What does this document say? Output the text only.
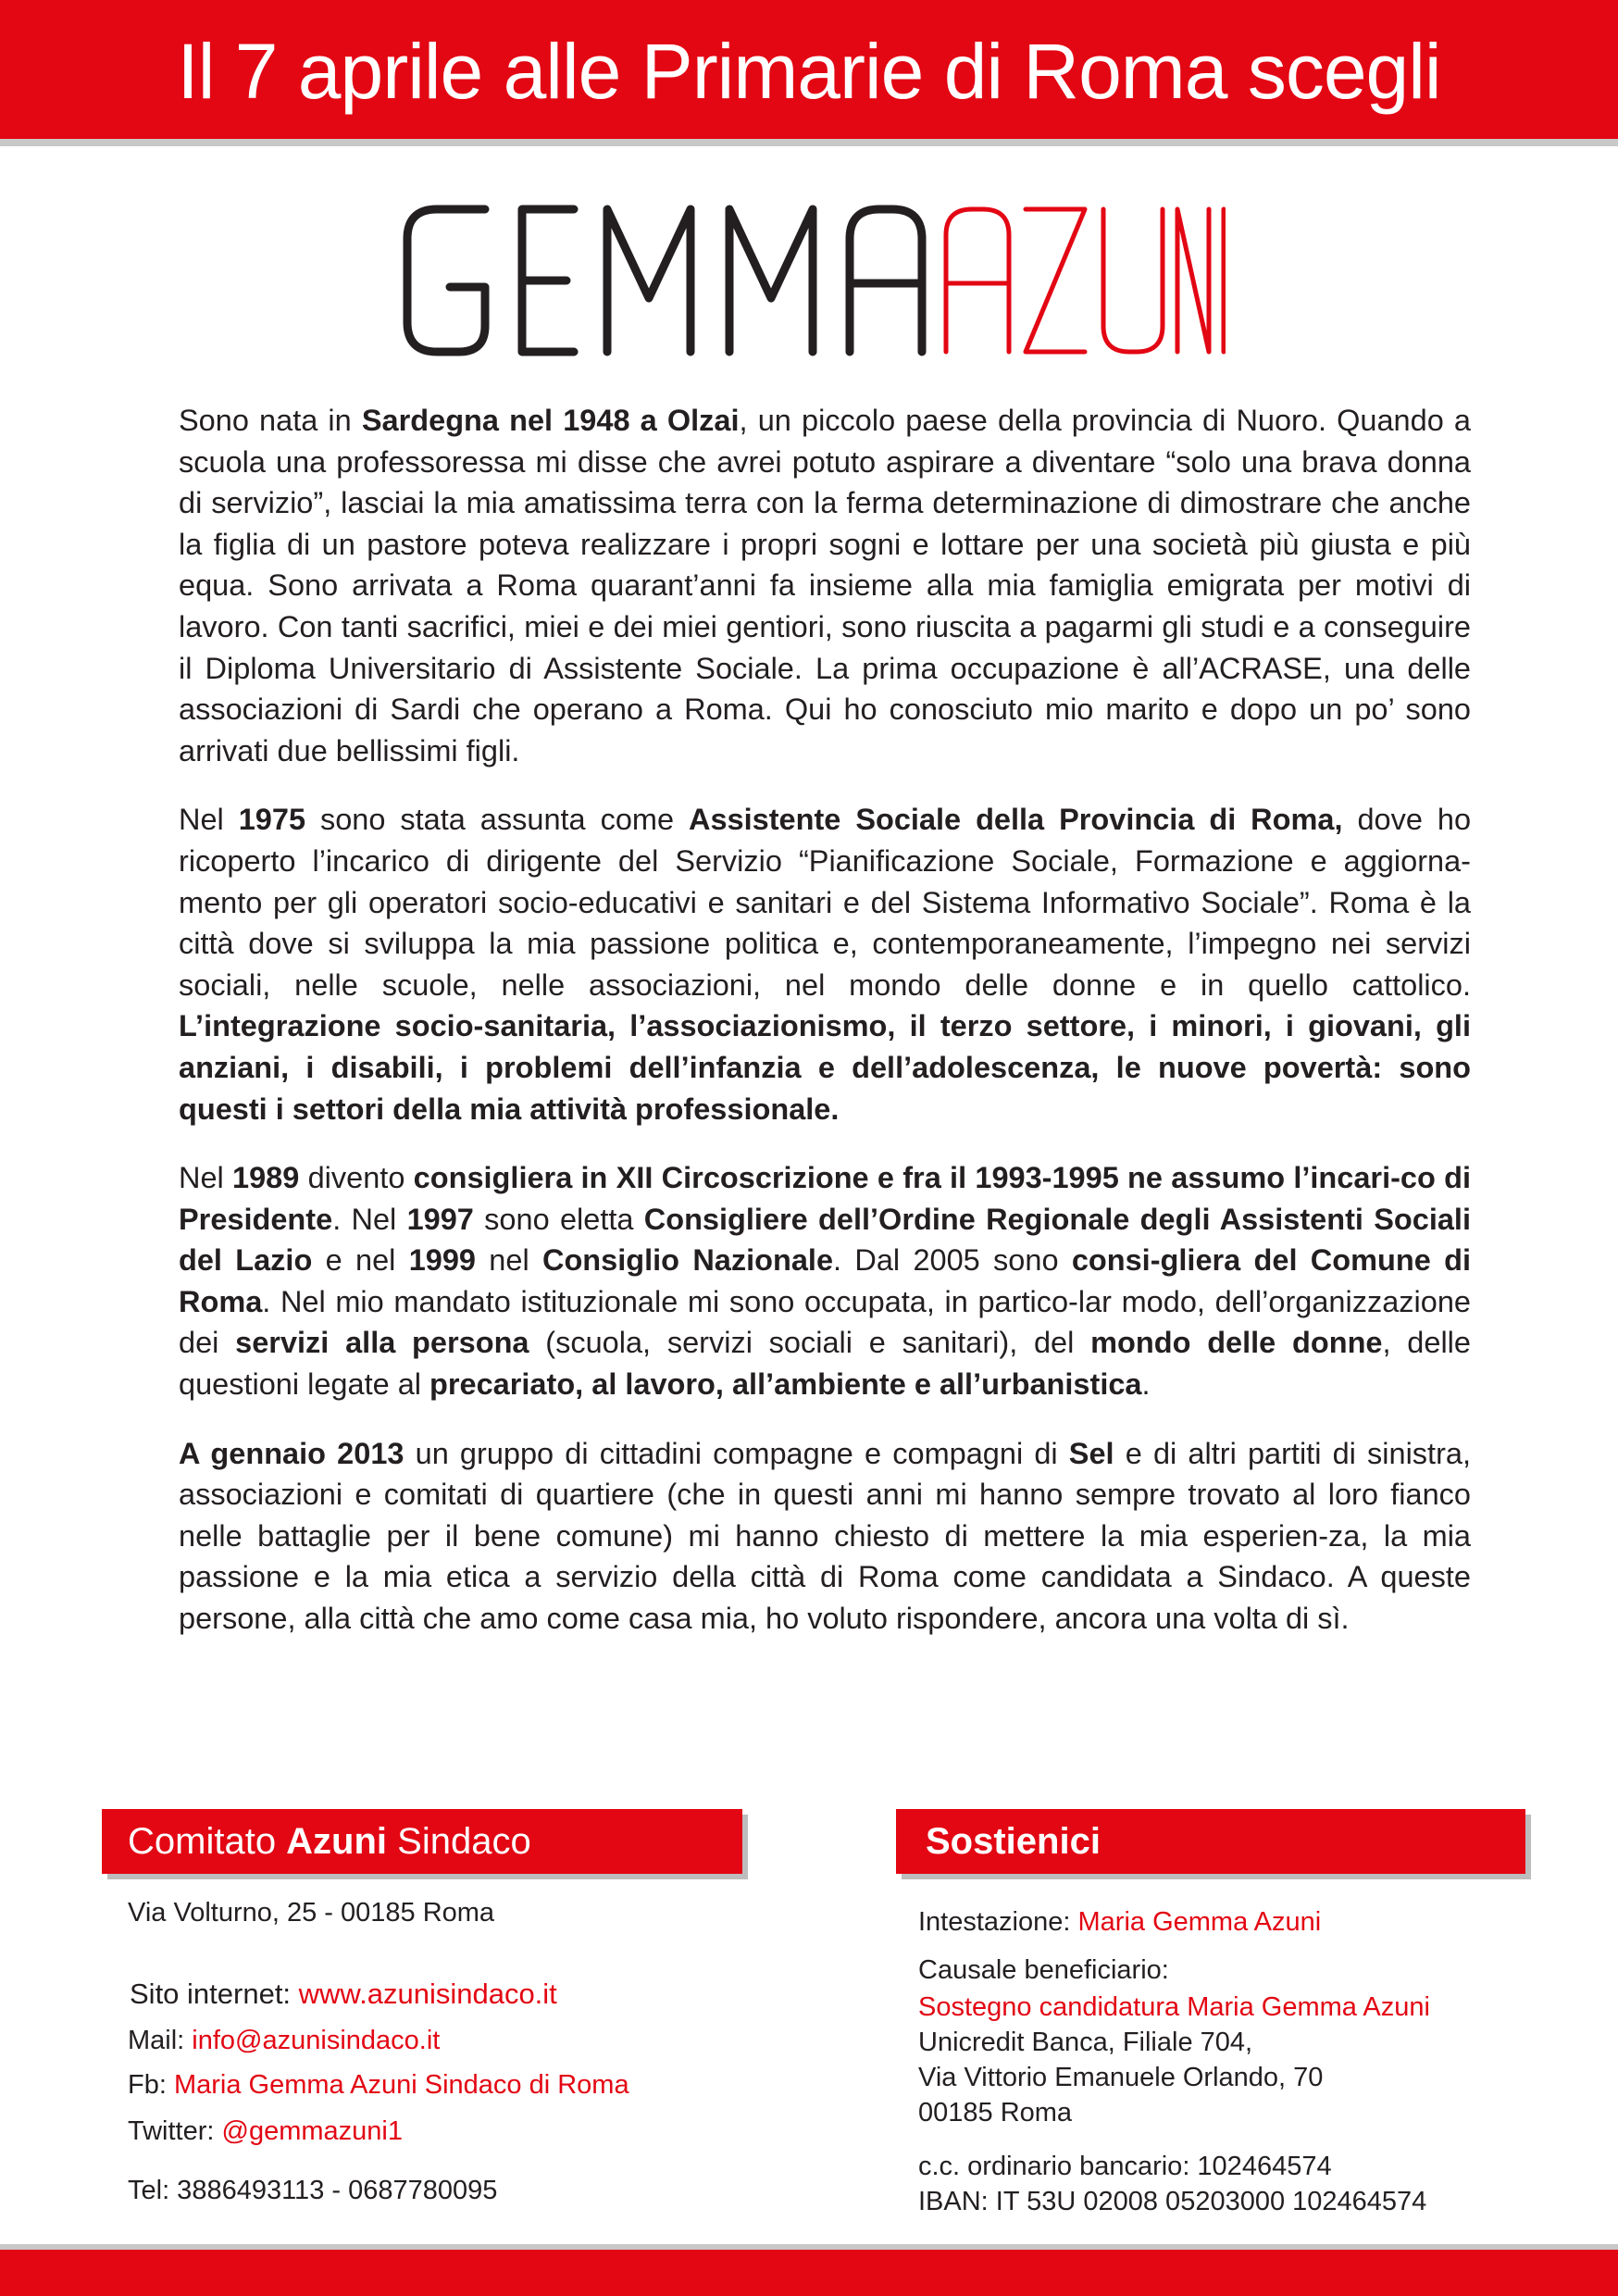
Il 7 aprile alle Primarie di Roma scegli

Sono nata in Sardegna nel 1948 a Olzai, un piccolo paese della provincia di Nuoro. Quando a scuola una professoressa mi disse che avrei potuto aspirare a diventare “solo una brava donna di servizio”, lasciai la mia amatissima terra con la ferma determinazione di dimostrare che anche la figlia di un pastore poteva realizzare i propri sogni e lottare per una società più giusta e più equa. Sono arrivata a Roma quarant’anni fa insieme alla mia famiglia emigrata per motivi di lavoro. Con tanti sacrifici, miei e dei miei gentiori, sono riuscita a pagarmi gli studi e a conseguire il Diploma Universitario di Assistente Sociale. La prima occupazione è all’ACRASE, una delle associazioni di Sardi che operano a Roma. Qui ho conosciuto mio marito e dopo un po’ sono arrivati due bellissimi figli.

Nel 1975 sono stata assunta come Assistente Sociale della Provincia di Roma, dove ho ricoperto l’incarico di dirigente del Servizio “Pianificazione Sociale, Formazione e aggiorna-mento per gli operatori socio-educativi e sanitari e del Sistema Informativo Sociale”. Roma è la città dove si sviluppa la mia passione politica e, contemporaneamente, l’impegno nei servizi sociali, nelle scuole, nelle associazioni, nel mondo delle donne e in quello cattolico. L’integrazione socio-sanitaria, l’associazionismo, il terzo settore, i minori, i giovani, gli anziani, i disabili, i problemi dell’infanzia e dell’adolescenza, le nuove povertà: sono questi i settori della mia attività professionale.

Nel 1989 divento consigliera in XII Circoscrizione e fra il 1993-1995 ne assumo l’incari-co di Presidente. Nel 1997 sono eletta Consigliere dell’Ordine Regionale degli Assistenti Sociali del Lazio e nel 1999 nel Consiglio Nazionale. Dal 2005 sono consi-gliera del Comune di Roma. Nel mio mandato istituzionale mi sono occupata, in partico-lar modo, dell’organizzazione dei servizi alla persona (scuola, servizi sociali e sanitari), del mondo delle donne, delle questioni legate al precariato, al lavoro, all’ambiente e all’urbanistica.

A gennaio 2013 un gruppo di cittadini compagne e compagni di Sel e di altri partiti di sinistra, associazioni e comitati di quartiere (che in questi anni mi hanno sempre trovato al loro fianco nelle battaglie per il bene comune) mi hanno chiesto di mettere la mia esperien-za, la mia passione e la mia etica a servizio della città di Roma come candidata a Sindaco. A queste persone, alla città che amo come casa mia, ho voluto rispondere, ancora una volta di sì.

Comitato Azuni Sindaco
Via Volturno, 25 - 00185 Roma
Sito internet: www.azunisindaco.it
Mail: info@azunisindaco.it
Fb: Maria Gemma Azuni Sindaco di Roma
Twitter: @gemmazuni1
Tel: 3886493113 - 0687780095
Sostienici
Intestazione: Maria Gemma Azuni
Causale beneficiario:
Sostegno candidatura Maria Gemma Azuni
Unicredit Banca, Filiale 704,
Via Vittorio Emanuele Orlando, 70
00185 Roma
c.c. ordinario bancario: 102464574
IBAN: IT 53U 02008 05203000 102464574
